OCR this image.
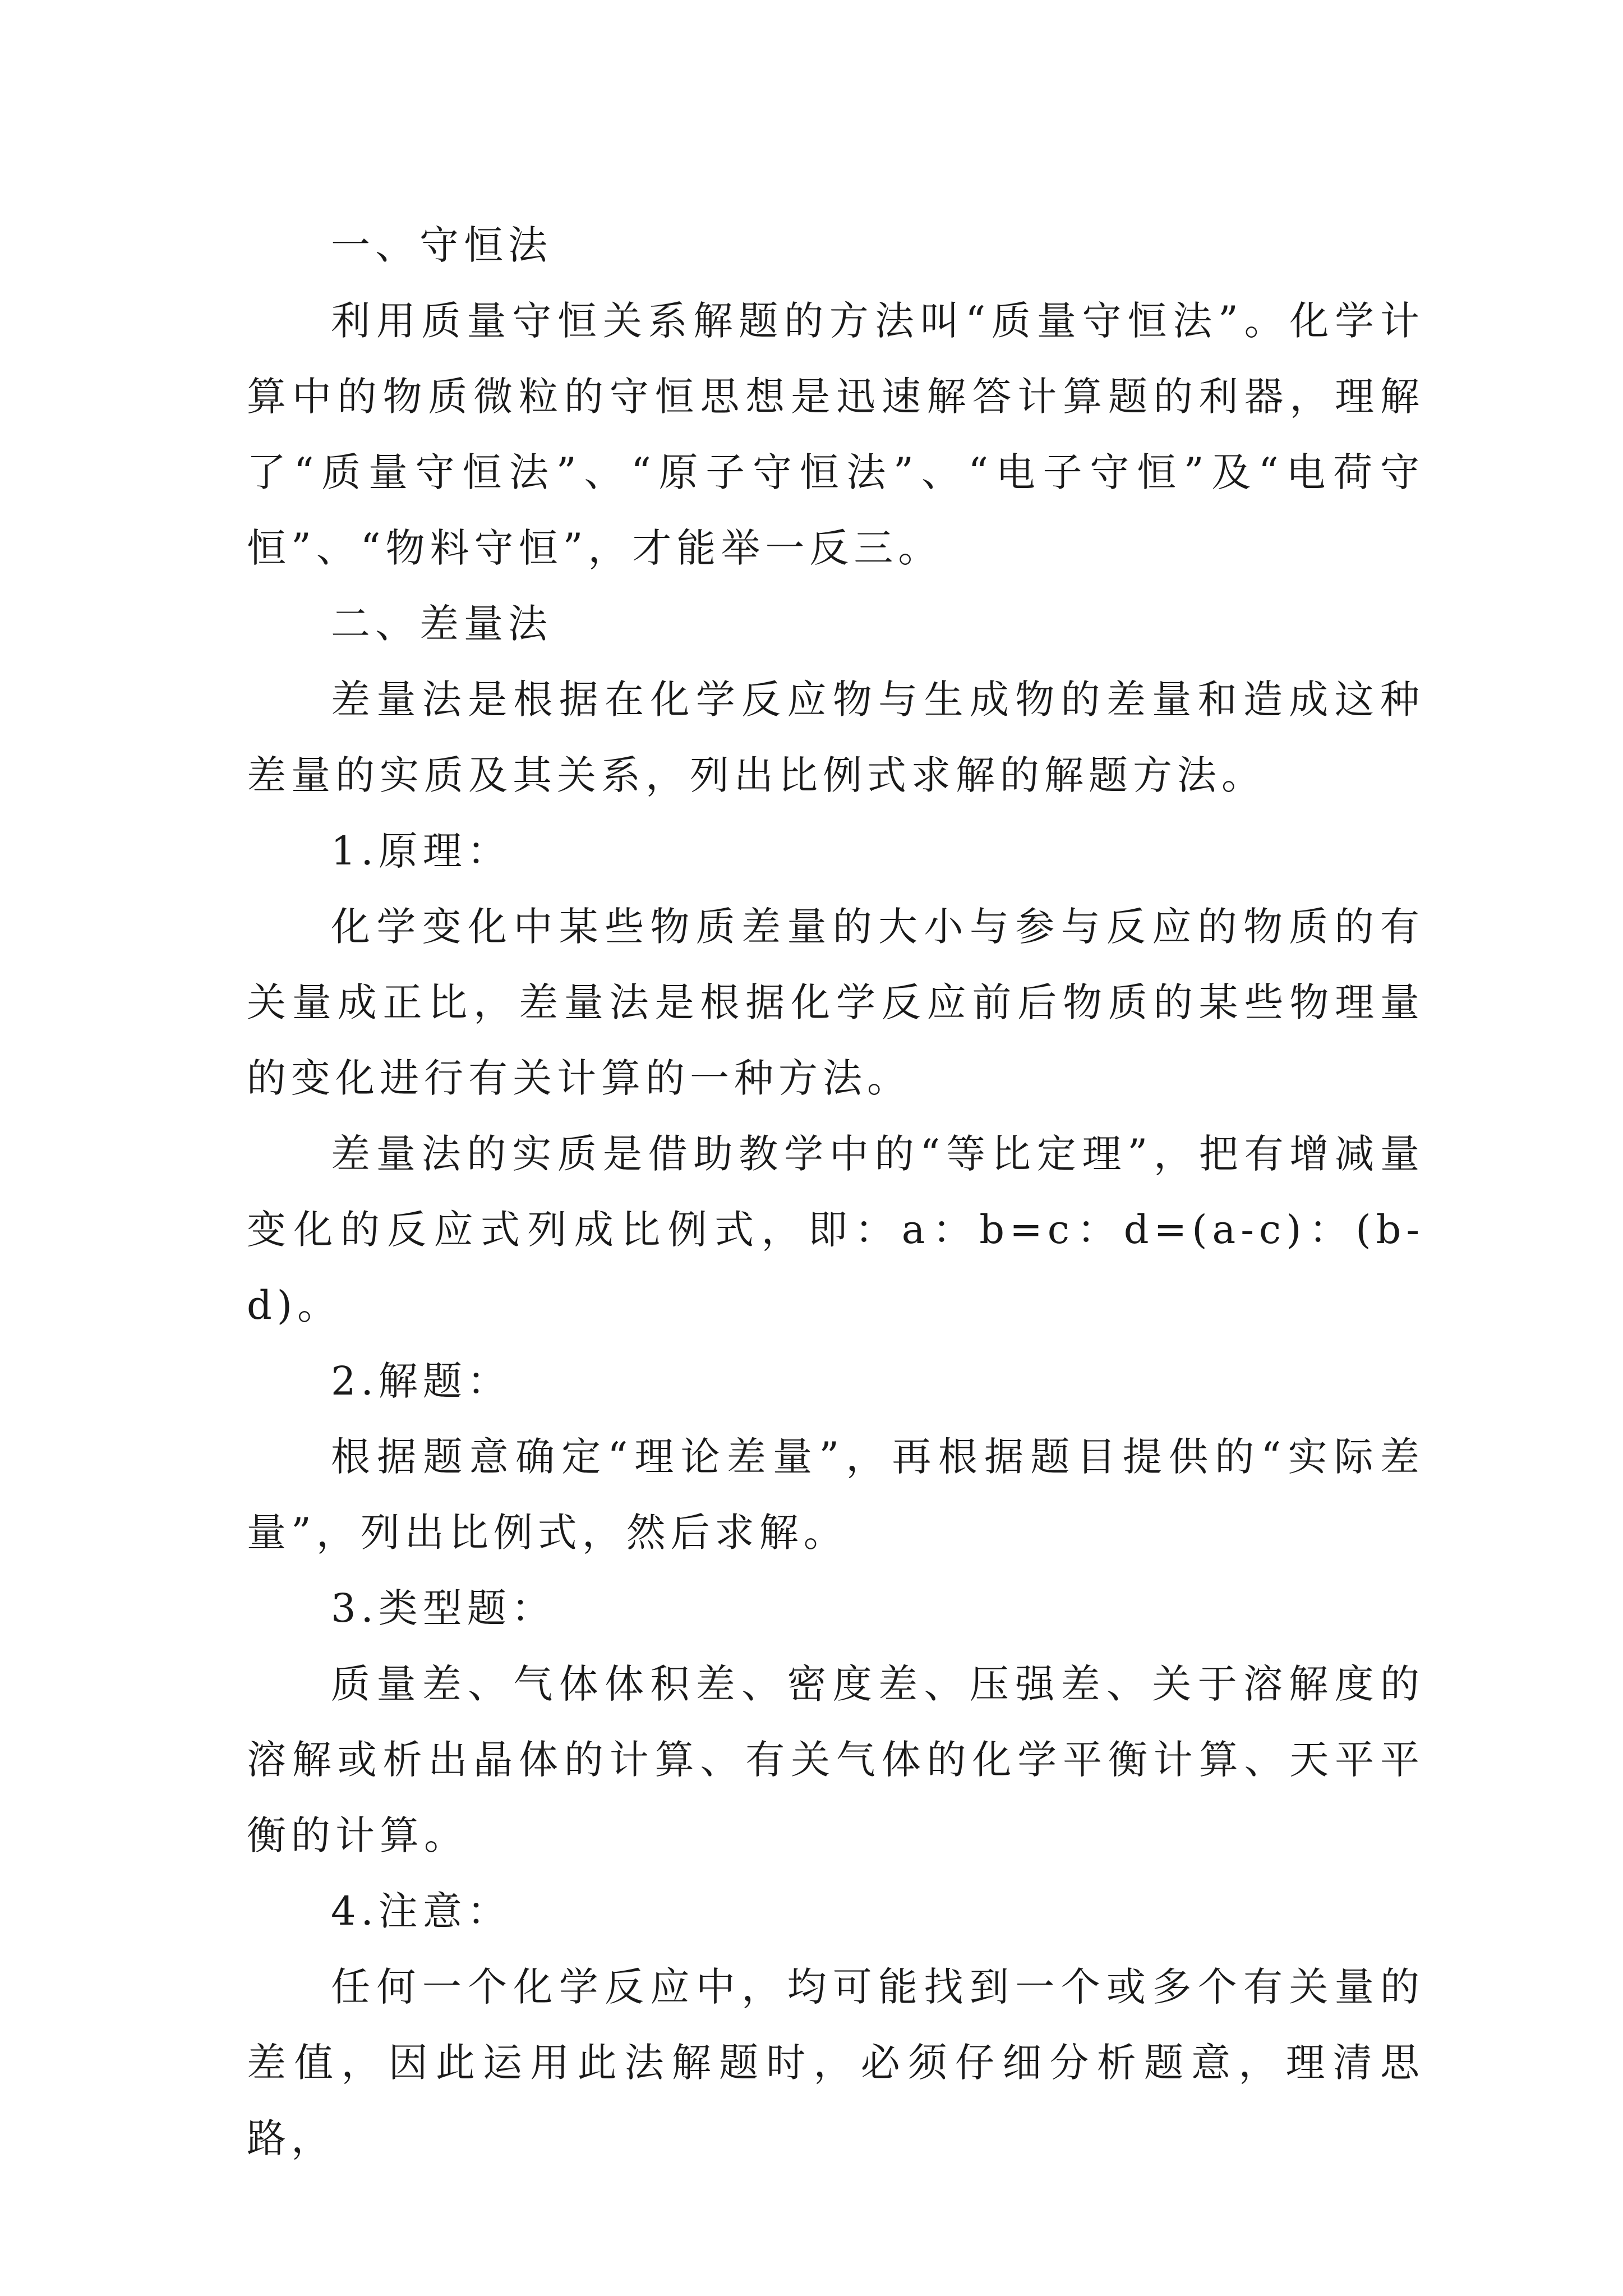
一、守恒法

利用质量守恒关系解题的方法叫“质量守恒法”。化学计算中的物质微粒的守恒思想是迅速解答计算题的利器，理解了“质量守恒法”、“原子守恒法”、“电子守恒”及“电荷守恒”、“物料守恒”，才能举一反三。

二、差量法

差量法是根据在化学反应物与生成物的差量和造成这种差量的实质及其关系，列出比例式求解的解题方法。

1.原理：

化学变化中某些物质差量的大小与参与反应的物质的有关量成正比，差量法是根据化学反应前后物质的某些物理量的变化进行有关计算的一种方法。

差量法的实质是借助教学中的“等比定理”，把有增减量变化的反应式列成比例式，即：a：b=c：d=(a-c)：(b-d)。

2.解题：

根据题意确定“理论差量”，再根据题目提供的“实际差量”，列出比例式，然后求解。

3.类型题：

质量差、气体体积差、密度差、压强差、关于溶解度的溶解或析出晶体的计算、有关气体的化学平衡计算、天平平衡的计算。

4.注意：

任何一个化学反应中，均可能找到一个或多个有关量的差值，因此运用此法解题时，必须仔细分析题意，理清思路，
